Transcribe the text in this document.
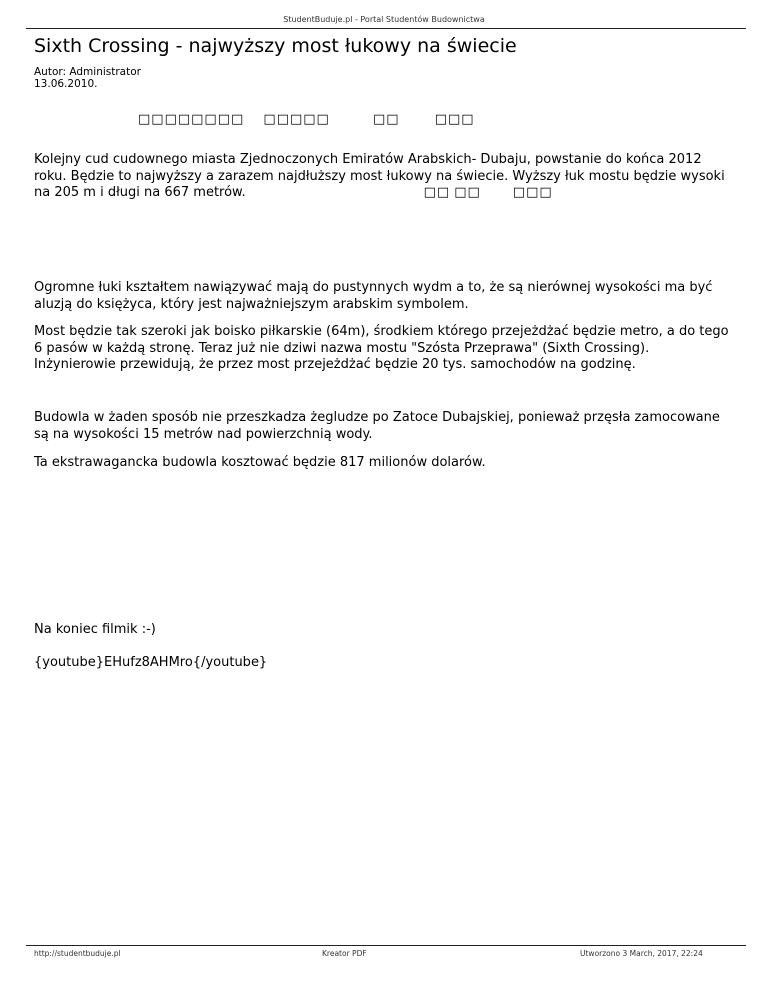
StudentBuduje.pl - Portal Studentów Budownictwa
Sixth Crossing - najwyższy most łukowy na świecie
Autor: Administrator
13.06.2010.
□□□□□□□□ □□□□□	□□	□□□

Kolejny cud cudownego miasta Zjednoczonych Emiratów Arabskich- Dubaju, powstanie do końca 2012 roku. Będzie to najwyższy a zarazem najdłuższy most łukowy na świecie. Wyższy łuk mostu będzie wysoki na 205 m i długi na 667 metrów.	□□ □□ □□□

Ogromne łuki kształtem nawiązywać mają do pustynnych wydm a to, że są nierównej wysokości ma być aluzją do księżyca, który jest najważniejszym arabskim symbolem.

Most będzie tak szeroki jak boisko piłkarskie (64m), środkiem którego przejeżdżać będzie metro, a do tego 6 pasów w każdą stronę. Teraz już nie dziwi nazwa mostu "Szósta Przeprawa" (Sixth Crossing). Inżynierowie przewidują, że przez most przejeżdżać będzie 20 tys. samochodów na godzinę.

Budowla w żaden sposób nie przeszkadza żegludze po Zatoce Dubajskiej, ponieważ przęsła zamocowane są na wysokości 15 metrów nad powierzchnią wody.

Ta ekstrawagancka budowla kosztować będzie 817 milionów dolarów.

Na koniec filmik :-)

{youtube}EHufz8AHMro{/youtube}

http://studentbuduje.pl	Kreator PDF	Utworzono 3 March, 2017, 22:24
